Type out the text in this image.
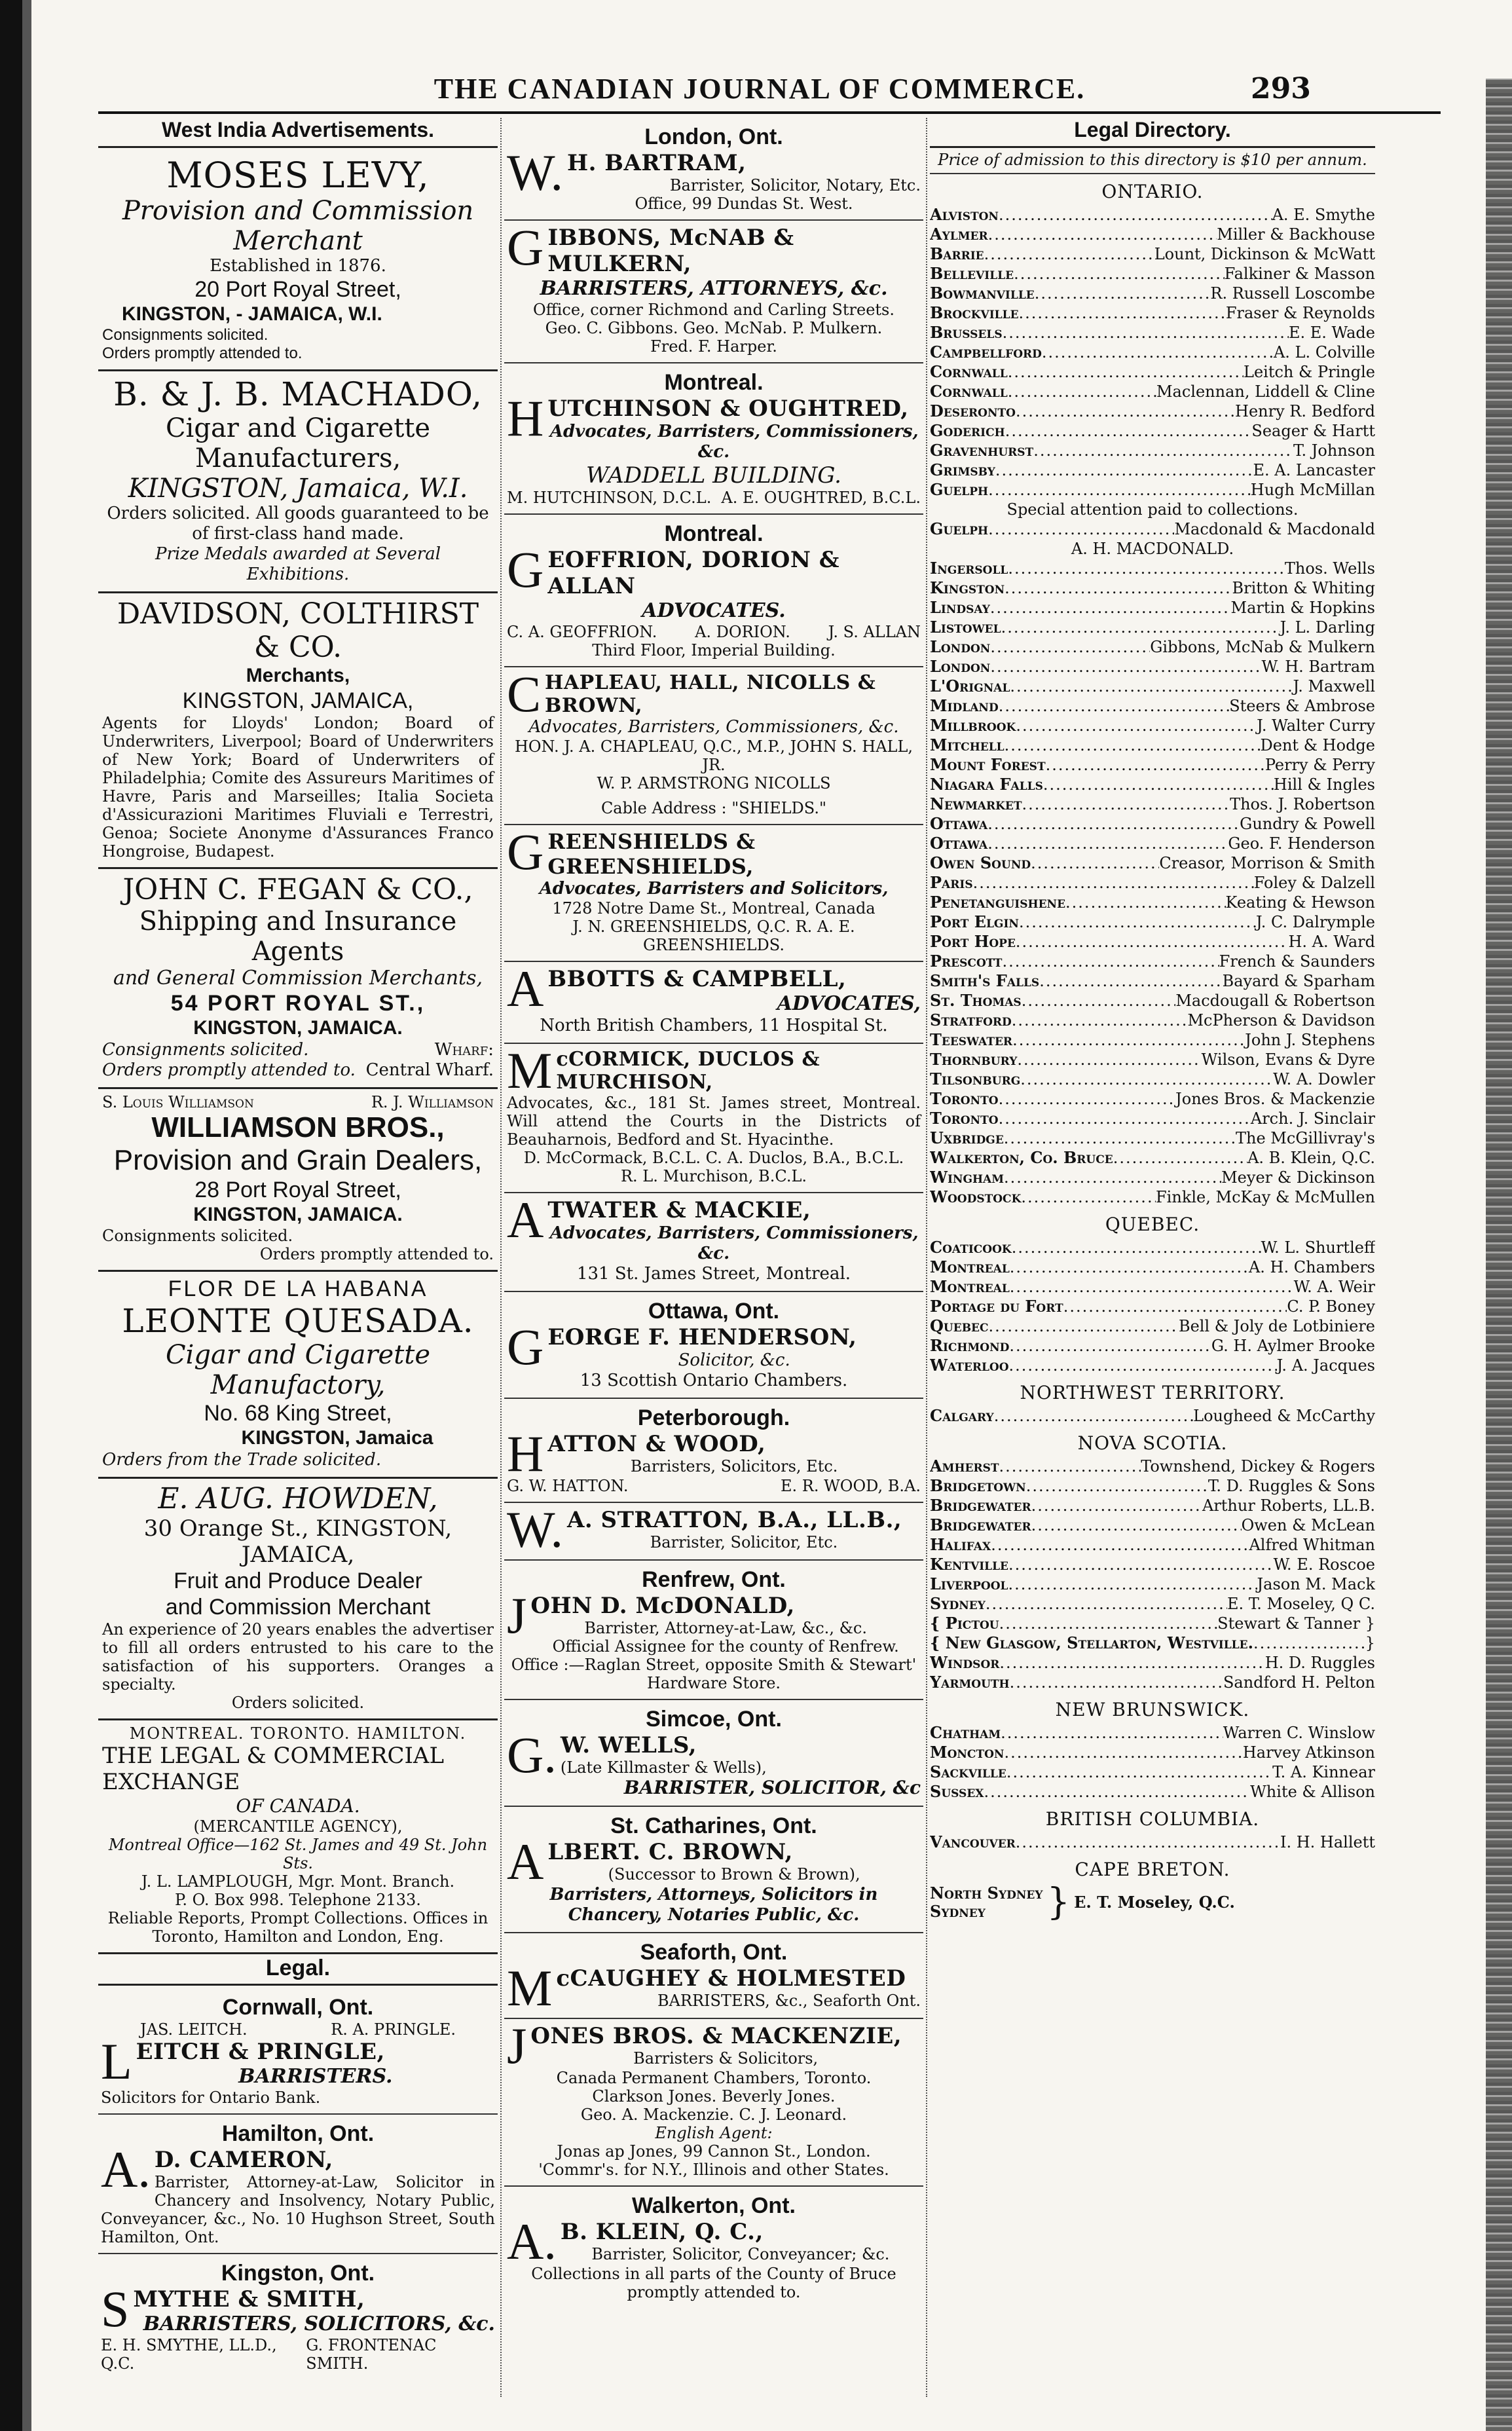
THE CANADIAN JOURNAL OF COMMERCE.	293
West India Advertisements.
MOSES LEVY,
Provision and Commission Merchant
Established in 1876.
20 Port Royal Street,
KINGSTON, - JAMAICA, W.I.
Consignments solicited.
Orders promptly attended to.
B. & J. B. MACHADO,
Cigar and Cigarette Manufacturers,
KINGSTON, Jamaica, W.I.
Orders solicited. All goods guaranteed to be of first-class hand made.
Prize Medals awarded at Several Exhibitions.
DAVIDSON, COLTHIRST & CO.
Merchants,
KINGSTON, JAMAICA,
Agents for Lloyds' London; Board of Underwriters, Liverpool; Board of Underwriters of New York; Board of Underwriters of Philadelphia; Comite des Assureurs Maritimes of Havre, Paris and Marseilles; Italia Societa d'Assicurazioni Maritimes Fluviali e Terrestri, Genoa; Societe Anonyme d'Assurances Franco Hongroise, Budapest.
JOHN C. FEGAN & CO.,
Shipping and Insurance Agents
and General Commission Merchants,
54 PORT ROYAL ST.,
KINGSTON, JAMAICA.
Consignments solicited.	Wharf:
Orders promptly attended to. Central Wharf.
S. Louis Williamson	R. J. Williamson
WILLIAMSON BROS.,
Provision and Grain Dealers,
28 Port Royal Street,
KINGSTON, JAMAICA.
Consignments solicited.
Orders promptly attended to.
FLOR DE LA HABANA
LEONTE QUESADA.
Cigar and Cigarette Manufactory,
No. 68 King Street,
KINGSTON, Jamaica
Orders from the Trade solicited.
E. AUG. HOWDEN,
30 Orange St., KINGSTON, JAMAICA,
Fruit and Produce Dealer
and Commission Merchant
An experience of 20 years enables the advertiser to fill all orders entrusted to his care to the satisfaction of his supporters. Oranges a specialty.
Orders solicited.
MONTREAL. TORONTO. HAMILTON.
THE LEGAL & COMMERCIAL EXCHANGE
OF CANADA.
(MERCANTILE AGENCY),
Montreal Office—162 St. James and 49 St. John Sts.
J. L. LAMPLOUGH, Mgr. Mont. Branch.
P. O. Box 998. Telephone 2133.
Reliable Reports, Prompt Collections. Offices in Toronto, Hamilton and London, Eng.
Legal.
Cornwall, Ont.
JAS. LEITCH.	R. A. PRINGLE.
L EITCH & PRINGLE,
BARRISTERS.
Solicitors for Ontario Bank.
Hamilton, Ont.
A. D. CAMERON,
Barrister, Attorney-at-Law, Solicitor in Chancery and Insolvency, Notary Public, Conveyancer, &c., No. 10 Hughson Street, South Hamilton, Ont.
Kingston, Ont.
S MYTHE & SMITH,
BARRISTERS, SOLICITORS, &c.
E. H. SMYTHE, LL.D., Q.C.
G. FRONTENAC SMITH.
London, Ont.
W. H. BARTRAM,
Barrister, Solicitor, Notary, Etc.
Office, 99 Dundas St. West.
G IBBONS, McNAB & MULKERN,
BARRISTERS, ATTORNEYS, &c.
Office, corner Richmond and Carling Streets.
Geo. C. Gibbons. Geo. McNab. P. Mulkern.
Fred. F. Harper.
Montreal.
H UTCHINSON & OUGHTRED,
Advocates, Barristers, Commissioners, &c.
WADDELL BUILDING.
M. HUTCHINSON, D.C.L. A. E. OUGHTRED, B.C.L.
Montreal.
G EOFFRION, DORION & ALLAN
ADVOCATES.
C. A. GEOFFRION. A. DORION. J. S. ALLAN
Third Floor, Imperial Building.
C HAPLEAU, HALL, NICOLLS & BROWN,
Advocates, Barristers, Commissioners, &c.
HON. J. A. CHAPLEAU, Q.C., M.P., JOHN S. HALL, JR.
W. P. ARMSTRONG NICOLLS
Cable Address : "SHIELDS."
G REENSHIELDS & GREENSHIELDS,
Advocates, Barristers and Solicitors,
1728 Notre Dame St., Montreal, Canada
J. N. GREENSHIELDS, Q.C. R. A. E. GREENSHIELDS.
A BBOTTS & CAMPBELL,
ADVOCATES,
North British Chambers, 11 Hospital St.
M cCORMICK, DUCLOS & MURCHISON,
Advocates, &c., 181 St. James street, Montreal. Will attend the Courts in the Districts of Beauharnois, Bedford and St. Hyacinthe.
D. McCormack, B.C.L. C. A. Duclos, B.A., B.C.L.
R. L. Murchison, B.C.L.
A TWATER & MACKIE,
Advocates, Barristers, Commissioners, &c.
131 St. James Street, Montreal.
Ottawa, Ont.
G EORGE F. HENDERSON,
Solicitor, &c.
13 Scottish Ontario Chambers.
Peterborough.
H ATTON & WOOD,
Barristers, Solicitors, Etc.
G. W. HATTON.	E. R. WOOD, B.A.
W. A. STRATTON, B.A., LL.B.,
Barrister, Solicitor, Etc.
Renfrew, Ont.
J OHN D. McDONALD,
Barrister, Attorney-at-Law, &c., &c.
Official Assignee for the county of Renfrew.
Office :—Raglan Street, opposite Smith & Stewart' Hardware Store.
Simcoe, Ont.
G. W. WELLS,
(Late Killmaster & Wells),
BARRISTER, SOLICITOR, &c
St. Catharines, Ont.
A LBERT. C. BROWN,
(Successor to Brown & Brown),
Barristers, Attorneys, Solicitors in Chancery, Notaries Public, &c.
Seaforth, Ont.
M cCAUGHEY & HOLMESTED
BARRISTERS, &c., Seaforth Ont.
J ONES BROS. & MACKENZIE,
Barristers & Solicitors,
Canada Permanent Chambers, Toronto.
Clarkson Jones. Beverly Jones.
Geo. A. Mackenzie. C. J. Leonard.
English Agent:
Jonas ap Jones, 99 Cannon St., London.
'Commr's. for N.Y., Illinois and other States.
Walkerton, Ont.
A. B. KLEIN, Q. C.,
Barrister, Solicitor, Conveyancer; &c.
Collections in all parts of the County of Bruce promptly attended to.
Legal Directory.
Price of admission to this directory is $10 per annum.
ONTARIO.
Alviston .....	A. E. Smythe
Aylmer .....	Miller & Backhouse
Barrie .....	Lount, Dickinson & McWatt
Belleville .....	Falkiner & Masson
Bowmanville .....	R. Russell Loscombe
Brockville .....	Fraser & Reynolds
Brussels .....	E. E. Wade
Campbellford .....	A. L. Colville
Cornwall .....	Leitch & Pringle
Cornwall .....	Maclennan, Liddell & Cline
Deseronto .....	Henry R. Bedford
Goderich .....	Seager & Hartt
Gravenhurst .....	T. Johnson
Grimsby .....	E. A. Lancaster
Guelph .....	Hugh McMillan
Special attention paid to collections.
Guelph .....	Macdonald & Macdonald
A. H. MACDONALD.
Ingersoll .....	Thos. Wells
Kingston .....	Britton & Whiting
Lindsay .....	Martin & Hopkins
Listowel .....	J. L. Darling
London .....	Gibbons, McNab & Mulkern
London .....	W. H. Bartram
L'Orignal .....	J. Maxwell
Midland .....	Steers & Ambrose
Millbrook .....	J. Walter Curry
Mitchell .....	Dent & Hodge
Mount Forest .....	Perry & Perry
Niagara Falls .....	Hill & Ingles
Newmarket .....	Thos. J. Robertson
Ottawa .....	Gundry & Powell
Ottawa .....	Geo. F. Henderson
Owen Sound .....	Creasor, Morrison & Smith
Paris .....	Foley & Dalzell
Penetanguishene .....	Keating & Hewson
Port Elgin .....	J. C. Dalrymple
Port Hope .....	H. A. Ward
Prescott .....	French & Saunders
Smith's Falls .....	Bayard & Sparham
St. Thomas .....	Macdougall & Robertson
Stratford .....	McPherson & Davidson
Teeswater .....	John J. Stephens
Thornbury .....	Wilson, Evans & Dyre
Tilsonburg .....	W. A. Dowler
Toronto .....	Jones Bros. & Mackenzie
Toronto .....	Arch. J. Sinclair
Uxbridge .....	The McGillivray's
Walkerton, Co. Bruce .....	A. B. Klein, Q.C.
Wingham .....	Meyer & Dickinson
Woodstock .....	Finkle, McKay & McMullen
QUEBEC.
Coaticook .....	W. L. Shurtleff
Montreal .....	A. H. Chambers
Montreal .....	W. A. Weir
Portage du Fort .....	C. P. Boney
Quebec .....	Bell & Joly de Lotbiniere
Richmond .....	G. H. Aylmer Brooke
Waterloo .....	J. A. Jacques
NORTHWEST TERRITORY.
Calgary .....	Lougheed & McCarthy
NOVA SCOTIA.
Amherst .....	Townshend, Dickey & Rogers
Bridgetown .....	T. D. Ruggles & Sons
Bridgewater .....	Arthur Roberts, LL.B.
Bridgewater .....	Owen & McLean
Halifax .....	Alfred Whitman
Kentville .....	W. E. Roscoe
Liverpool .....	Jason M. Mack
Sydney .....	E. T. Moseley, Q C.
{ Pictou .....	Stewart & Tanner }
{ New Glasgow, Stellarton, Westville. .....	}
Windsor .....	H. D. Ruggles
Yarmouth .....	Sandford H. Pelton
NEW BRUNSWICK.
Chatham .....	Warren C. Winslow
Moncton .....	Harvey Atkinson
Sackville .....	T. A. Kinnear
Sussex .....	White & Allison
BRITISH COLUMBIA.
Vancouver .....	I. H. Hallett
CAPE BRETON.
North Sydney
Sydney	} E. T. Moseley, Q.C.
